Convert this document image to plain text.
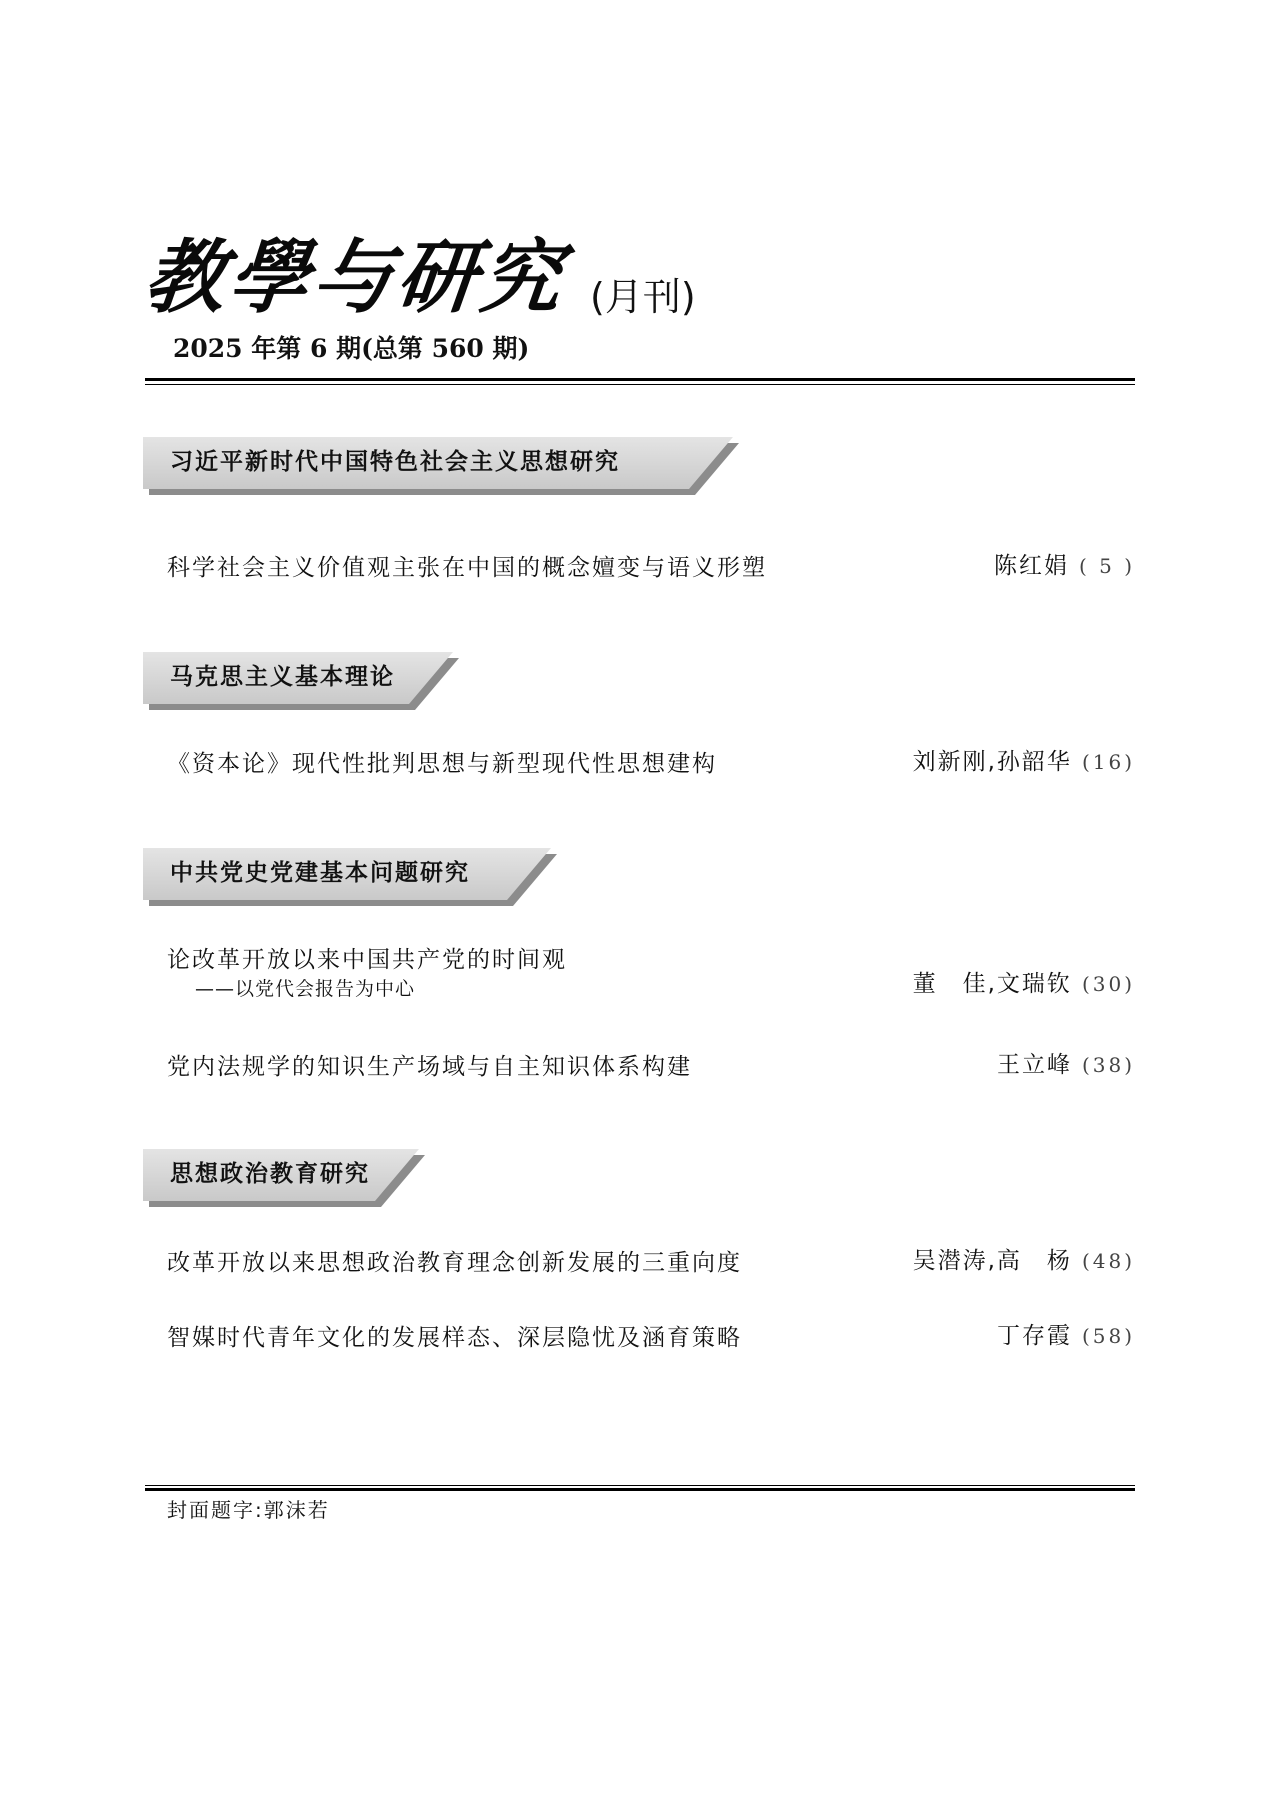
教學与研究 (月刊)
2025 年第 6 期(总第 560 期)
习近平新时代中国特色社会主义思想研究
科学社会主义价值观主张在中国的概念嬗变与语义形塑	陈红娟 ( 5 )
马克思主义基本理论
《资本论》现代性批判思想与新型现代性思想建构	刘新刚,孙韶华 (16)
中共党史党建基本问题研究
论改革开放以来中国共产党的时间观
——以党代会报告为中心	董　佳,文瑞钦 (30)
党内法规学的知识生产场域与自主知识体系构建	王立峰 (38)
思想政治教育研究
改革开放以来思想政治教育理念创新发展的三重向度	吴潜涛,高　杨 (48)
智媒时代青年文化的发展样态、深层隐忧及涵育策略	丁存霞 (58)
封面题字:郭沫若
